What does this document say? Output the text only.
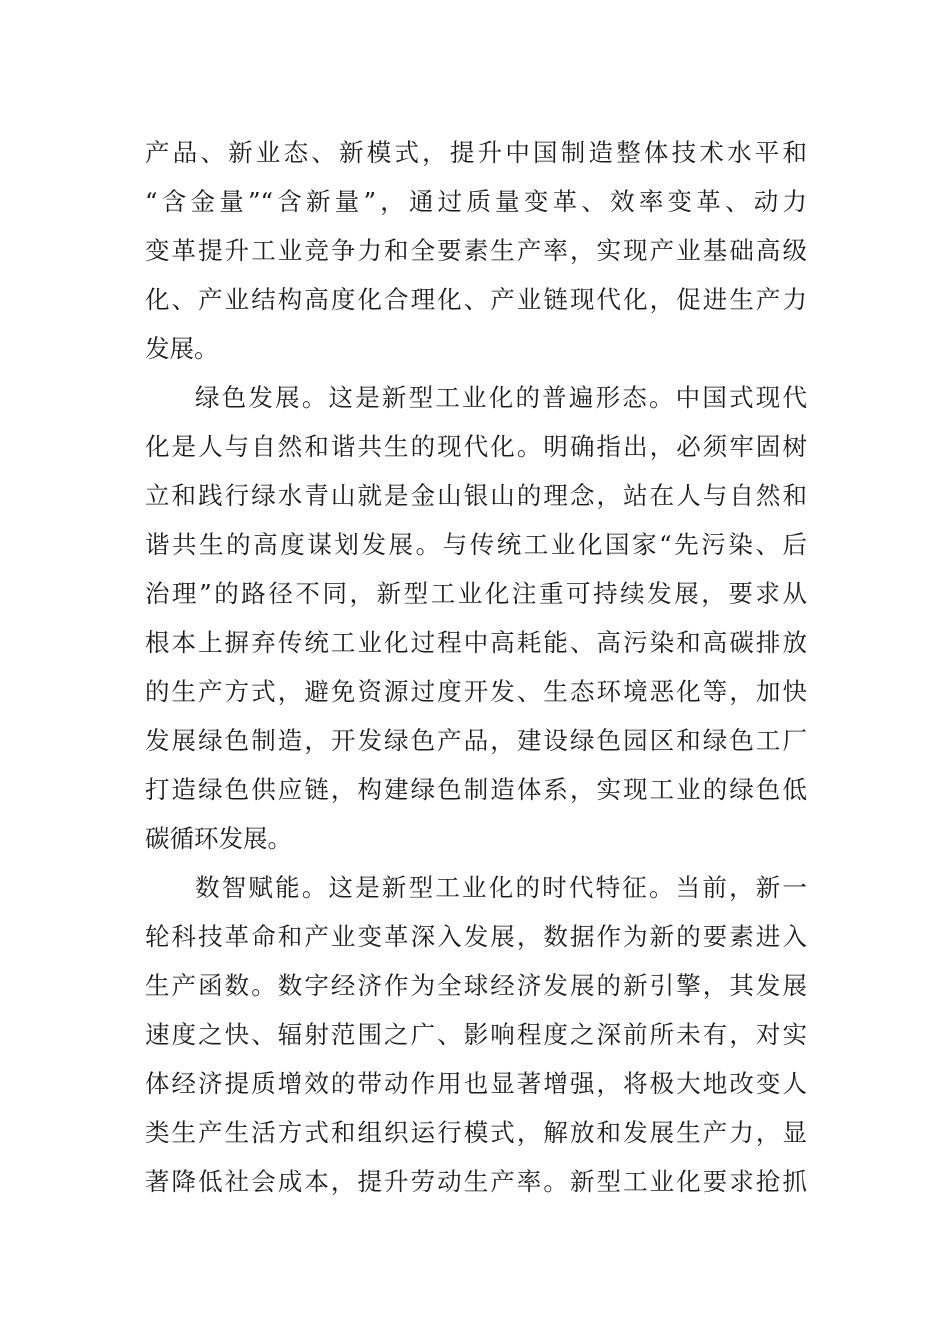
产品、新业态、新模式，提升中国制造整体技术水平和
“含金量”“含新量”，通过质量变革、效率变革、动力
变革提升工业竞争力和全要素生产率，实现产业基础高级
化、产业结构高度化合理化、产业链现代化，促进生产力
发展。
绿色发展。这是新型工业化的普遍形态。中国式现代
化是人与自然和谐共生的现代化。明确指出，必须牢固树
立和践行绿水青山就是金山银山的理念，站在人与自然和
谐共生的高度谋划发展。与传统工业化国家“先污染、后
治理”的路径不同，新型工业化注重可持续发展，要求从
根本上摒弃传统工业化过程中高耗能、高污染和高碳排放
的生产方式，避免资源过度开发、生态环境恶化等，加快
发展绿色制造，开发绿色产品，建设绿色园区和绿色工厂
打造绿色供应链，构建绿色制造体系，实现工业的绿色低
碳循环发展。
数智赋能。这是新型工业化的时代特征。当前，新一
轮科技革命和产业变革深入发展，数据作为新的要素进入
生产函数。数字经济作为全球经济发展的新引擎，其发展
速度之快、辐射范围之广、影响程度之深前所未有，对实
体经济提质增效的带动作用也显著增强，将极大地改变人
类生产生活方式和组织运行模式，解放和发展生产力，显
著降低社会成本，提升劳动生产率。新型工业化要求抢抓
